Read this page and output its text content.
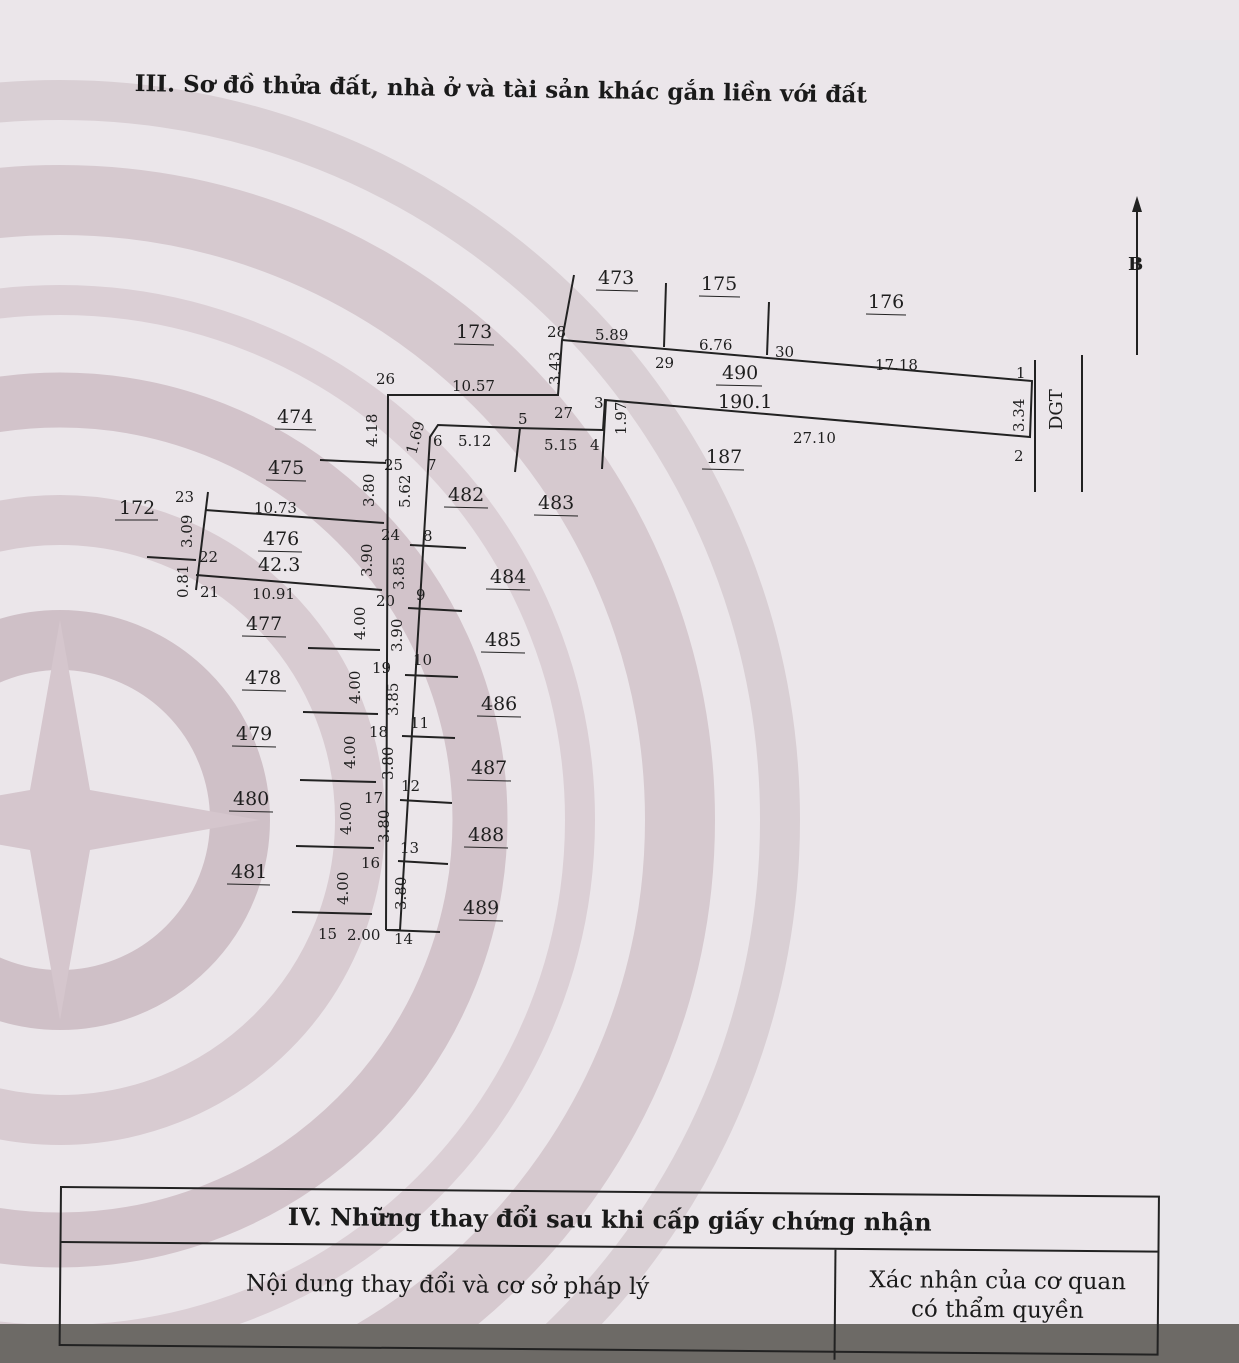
B
DGT
473	175
176
173
474
475
172
476
42.3
477
478
479
480
481
482	483
484
485
486
487
488
489
187
490
190.1
1
2
3
4
5
6
7
8
9
10
11
12
13
14
15
16
17
18
19
20
21
22
23
24
25
26
27
28
29
30
5.89
6.76
17.18
3.34
27.10
1.97
5.15
5.12
1.69
5.62
10.57
3.43
4.18
3.80
10.73
3.09
0.81	10.91
3.90 3.85
4.00 3.90
4.00 3.85
4.00 3.80
4.00 3.80
4.00	3.80
2.00
III. Sơ đồ thửa đất, nhà ở và tài sản khác gắn liền với đất
IV. Những thay đổi sau khi cấp giấy chứng nhận
Nội dung thay đổi và cơ sở pháp lý	Xác nhận của cơ quan
có thẩm quyền
